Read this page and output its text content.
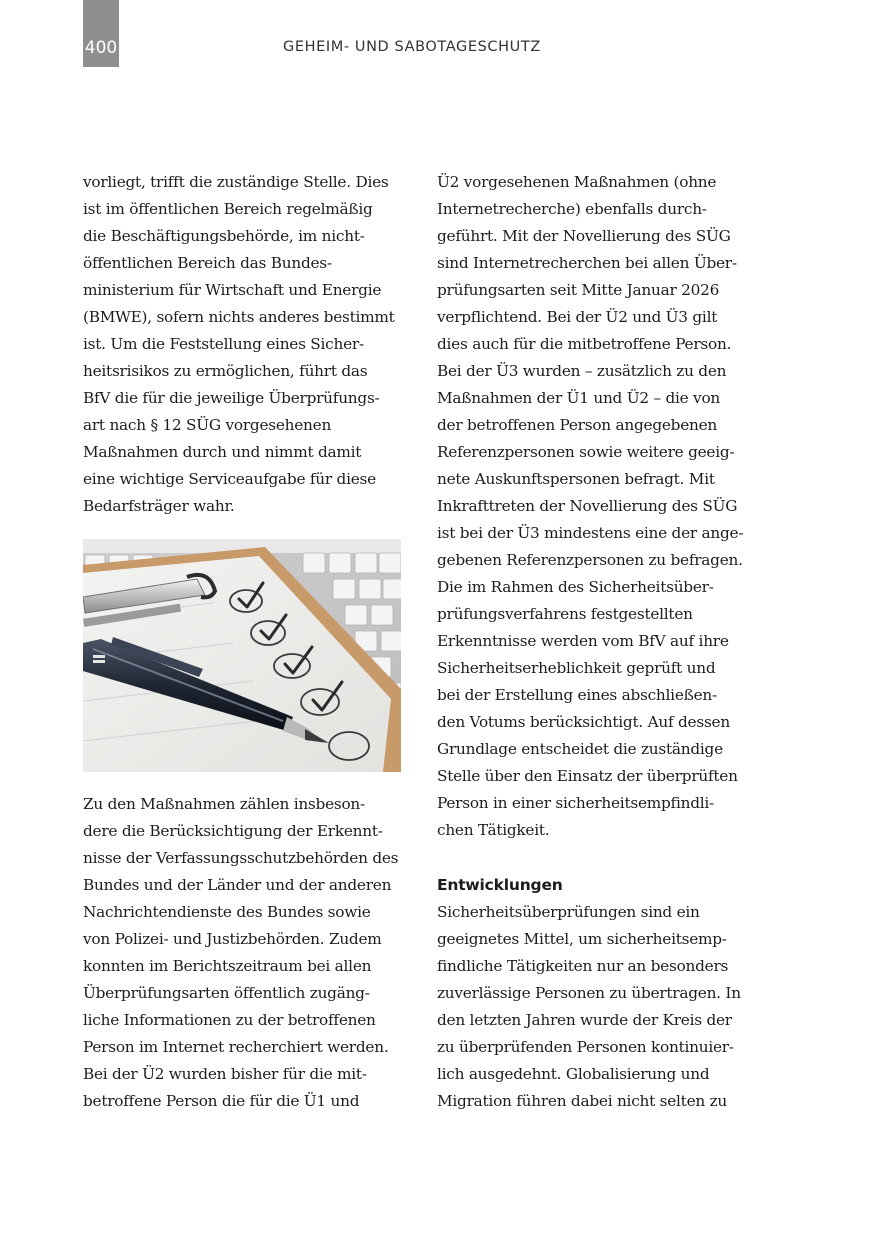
400	GEHEIM- UND SABOTAGESCHUTZ
vorliegt, trifft die zuständige Stelle. Dies
ist im öffentlichen Bereich regelmäßig
die Beschäftigungsbehörde, im nicht-
öffentlichen Bereich das Bundes-
ministerium für Wirtschaft und Energie
(BMWE), sofern nichts anderes bestimmt
ist. Um die Feststellung eines Sicher-
heitsrisikos zu ermöglichen, führt das
BfV die für die jeweilige Überprüfungs-
art nach § 12 SÜG vorgesehenen
Maßnahmen durch und nimmt damit
eine wichtige Serviceaufgabe für diese
Bedarfsträger wahr.
Zu den Maßnahmen zählen insbeson-
dere die Berücksichtigung der Erkennt-
nisse der Verfassungsschutzbehörden des
Bundes und der Länder und der anderen
Nachrichtendienste des Bundes sowie
von Polizei- und Justizbehörden. Zudem
konnten im Berichtszeitraum bei allen
Überprüfungsarten öffentlich zugäng-
liche Informationen zu der betroffenen
Person im Internet recherchiert werden.
Bei der Ü2 wurden bisher für die mit-
betroffene Person die für die Ü1 und
Ü2 vorgesehenen Maßnahmen (ohne
Internetrecherche) ebenfalls durch-
geführt. Mit der Novellierung des SÜG
sind Internetrecherchen bei allen Über-
prüfungsarten seit Mitte Januar 2026
verpflichtend. Bei der Ü2 und Ü3 gilt
dies auch für die mitbetroffene Person.
Bei der Ü3 wurden – zusätzlich zu den
Maßnahmen der Ü1 und Ü2 – die von
der betroffenen Person angegebenen
Referenzpersonen sowie weitere geeig-
nete Auskunftspersonen befragt. Mit
Inkrafttreten der Novellierung des SÜG
ist bei der Ü3 mindestens eine der ange-
gebenen Referenzpersonen zu befragen.
Die im Rahmen des Sicherheitsüber-
prüfungsverfahrens festgestellten
Erkenntnisse werden vom BfV auf ihre
Sicherheitserheblichkeit geprüft und
bei der Erstellung eines abschließen-
den Votums berücksichtigt. Auf dessen
Grundlage entscheidet die zuständige
Stelle über den Einsatz der überprüften
Person in einer sicherheitsempfindli-
chen Tätigkeit.
Entwicklungen
Sicherheitsüberprüfungen sind ein
geeignetes Mittel, um sicherheitsemp-
findliche Tätigkeiten nur an besonders
zuverlässige Personen zu übertragen. In
den letzten Jahren wurde der Kreis der
zu überprüfenden Personen kontinuier-
lich ausgedehnt. Globalisierung und
Migration führen dabei nicht selten zu
